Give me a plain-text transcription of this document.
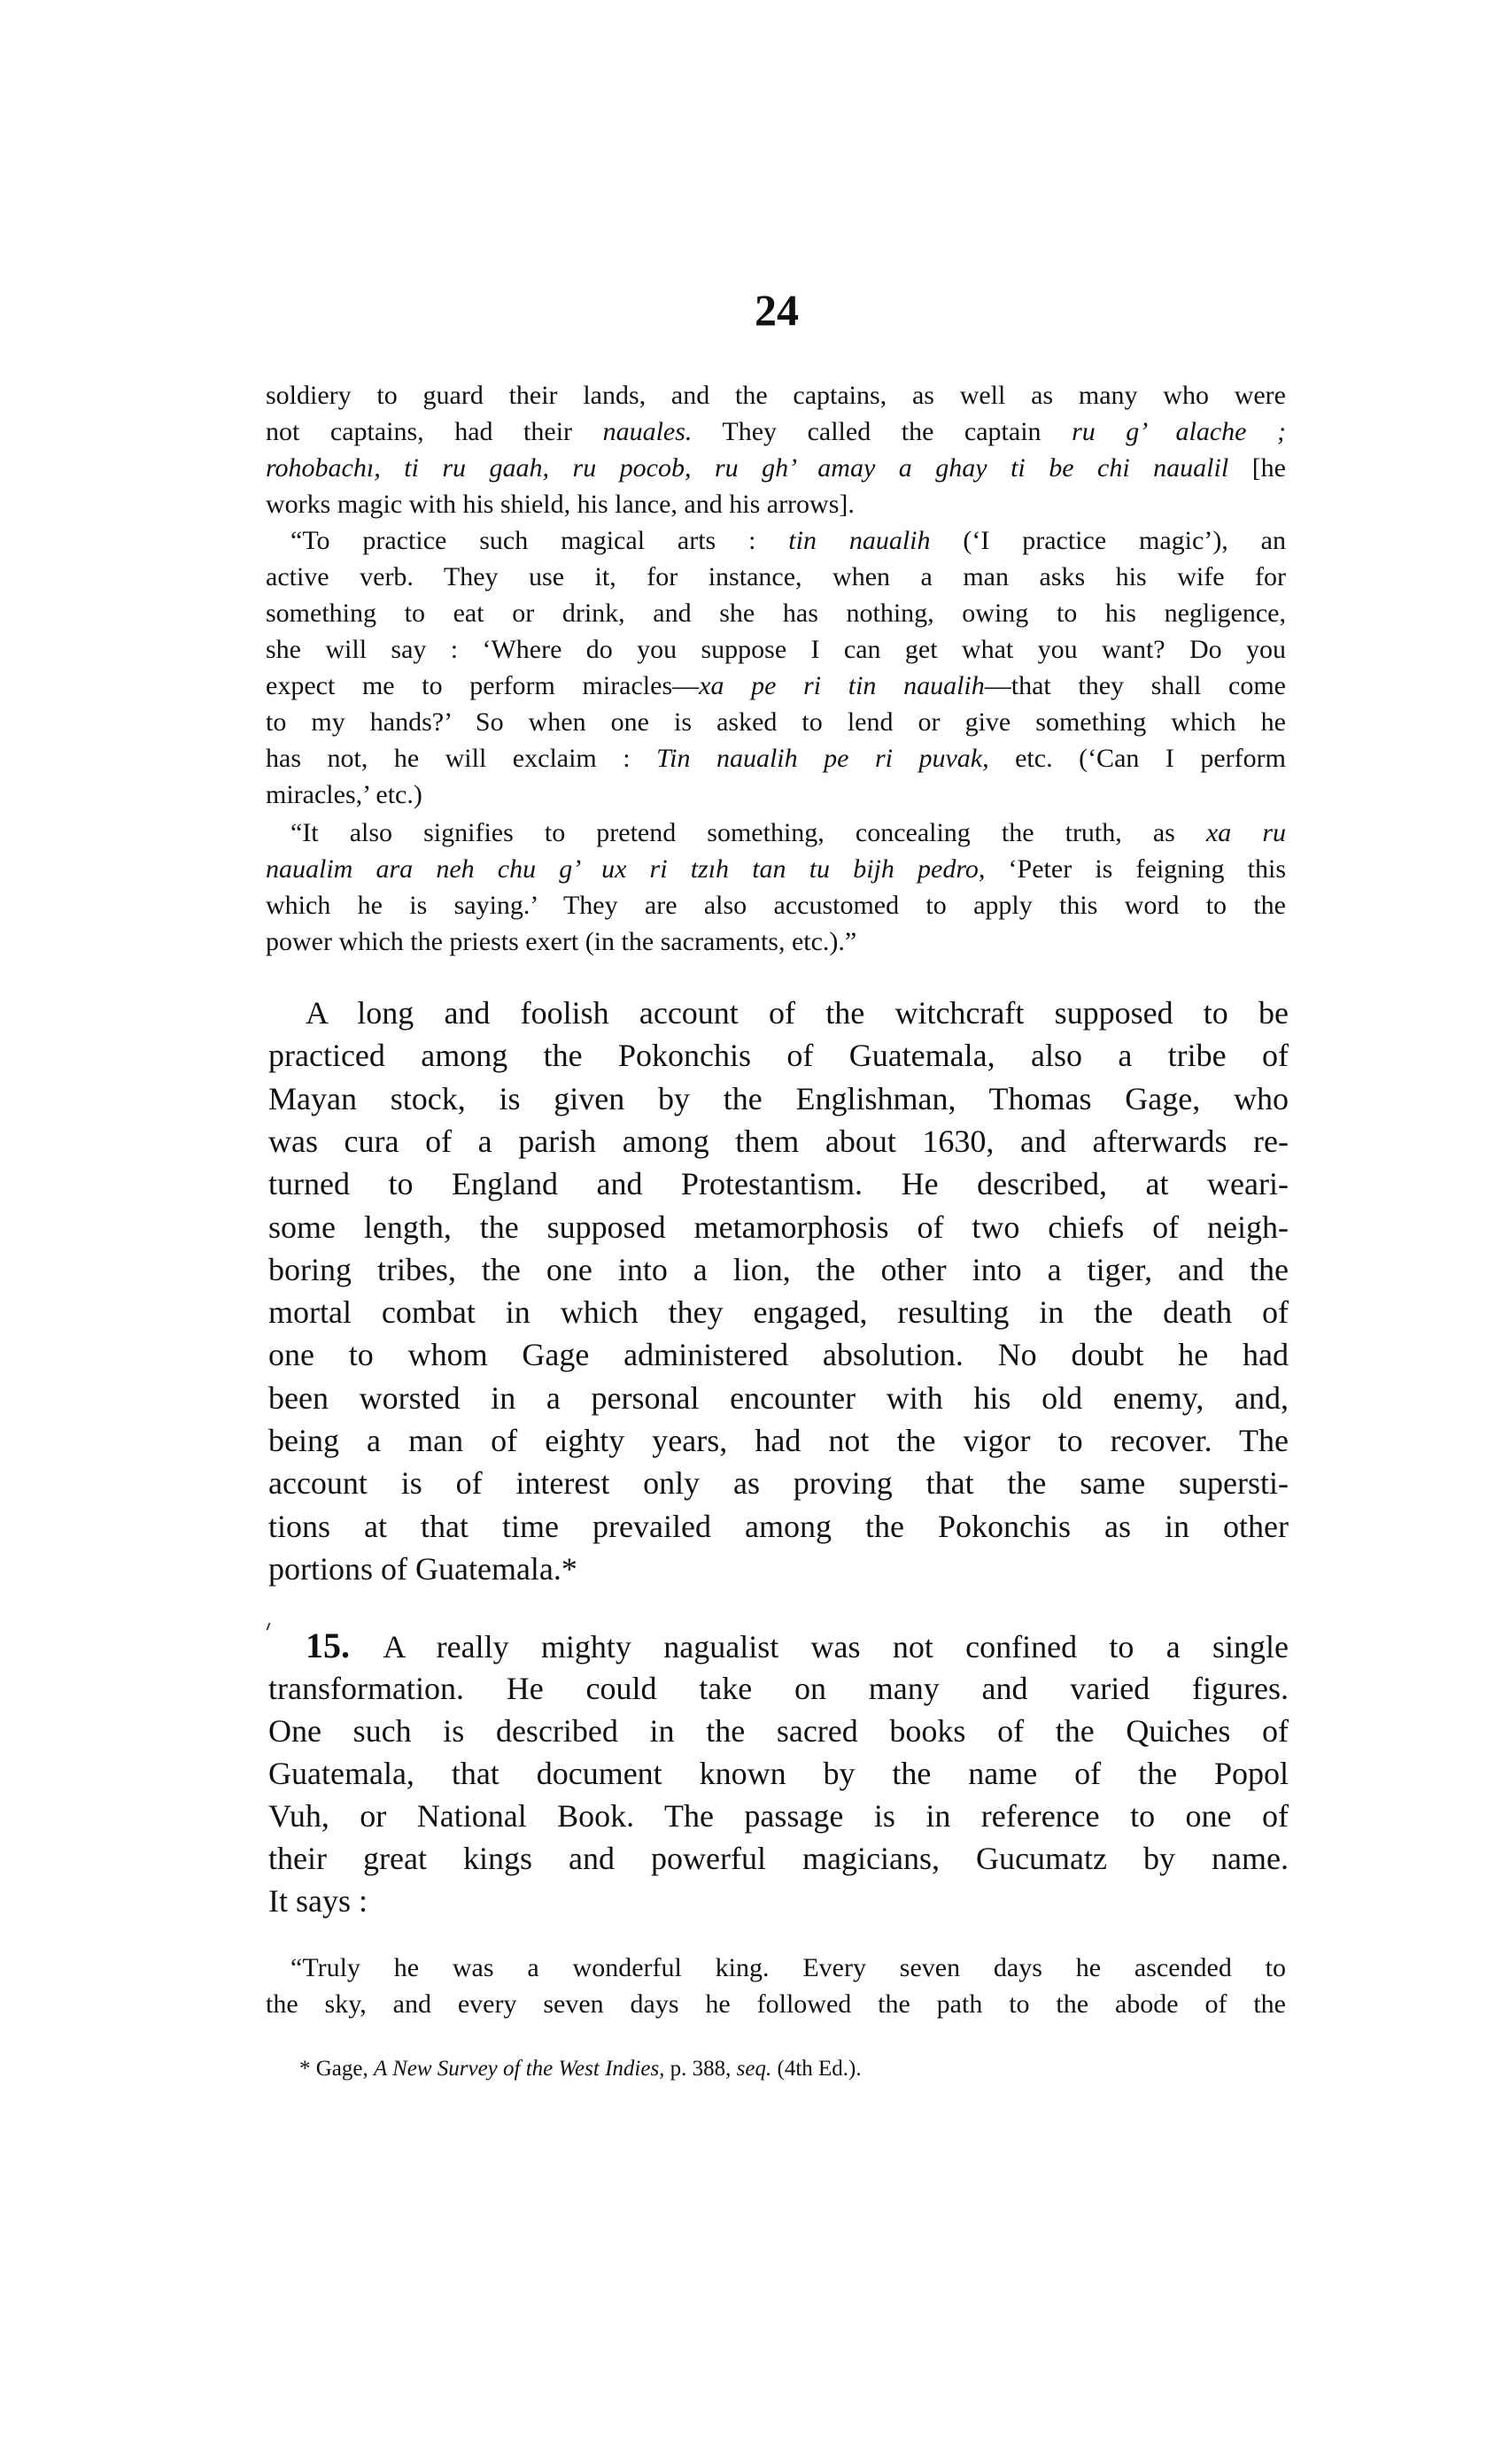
24
soldiery to guard their lands, and the captains, as well as many who were
not captains, had their nauales. They called the captain ru g’ alache ;
rohobachı, ti ru gaah, ru pocob, ru gh’ amay a ghay ti be chi naualil [he
works magic with his shield, his lance, and his arrows].
“To practice such magical arts : tin naualih (‘I practice magic’), an
active verb. They use it, for instance, when a man asks his wife for
something to eat or drink, and she has nothing, owing to his negligence,
she will say : ‘Where do you suppose I can get what you want? Do you
expect me to perform miracles—xa pe ri tin naualih—that they shall come
to my hands?’ So when one is asked to lend or give something which he
has not, he will exclaim : Tin naualih pe ri puvak, etc. (‘Can I perform
miracles,’ etc.)
“It also signifies to pretend something, concealing the truth, as xa ru
naualim ara neh chu g’ ux ri tzıh tan tu bijh pedro, ‘Peter is feigning this
which he is saying.’ They are also accustomed to apply this word to the
power which the priests exert (in the sacraments, etc.).”
A long and foolish account of the witchcraft supposed to be
practiced among the Pokonchis of Guatemala, also a tribe of
Mayan stock, is given by the Englishman, Thomas Gage, who
was cura of a parish among them about 1630, and afterwards re-
turned to England and Protestantism. He described, at weari-
some length, the supposed metamorphosis of two chiefs of neigh-
boring tribes, the one into a lion, the other into a tiger, and the
mortal combat in which they engaged, resulting in the death of
one to whom Gage administered absolution. No doubt he had
been worsted in a personal encounter with his old enemy, and,
being a man of eighty years, had not the vigor to recover. The
account is of interest only as proving that the same supersti-
tions at that time prevailed among the Pokonchis as in other
portions of Guatemala.*
15. A really mighty nagualist was not confined to a single
transformation. He could take on many and varied figures.
One such is described in the sacred books of the Quiches of
Guatemala, that document known by the name of the Popol
Vuh, or National Book. The passage is in reference to one of
their great kings and powerful magicians, Gucumatz by name.
It says :
“Truly he was a wonderful king. Every seven days he ascended to
the sky, and every seven days he followed the path to the abode of the
* Gage, A New Survey of the West Indies, p. 388, seq. (4th Ed.).
